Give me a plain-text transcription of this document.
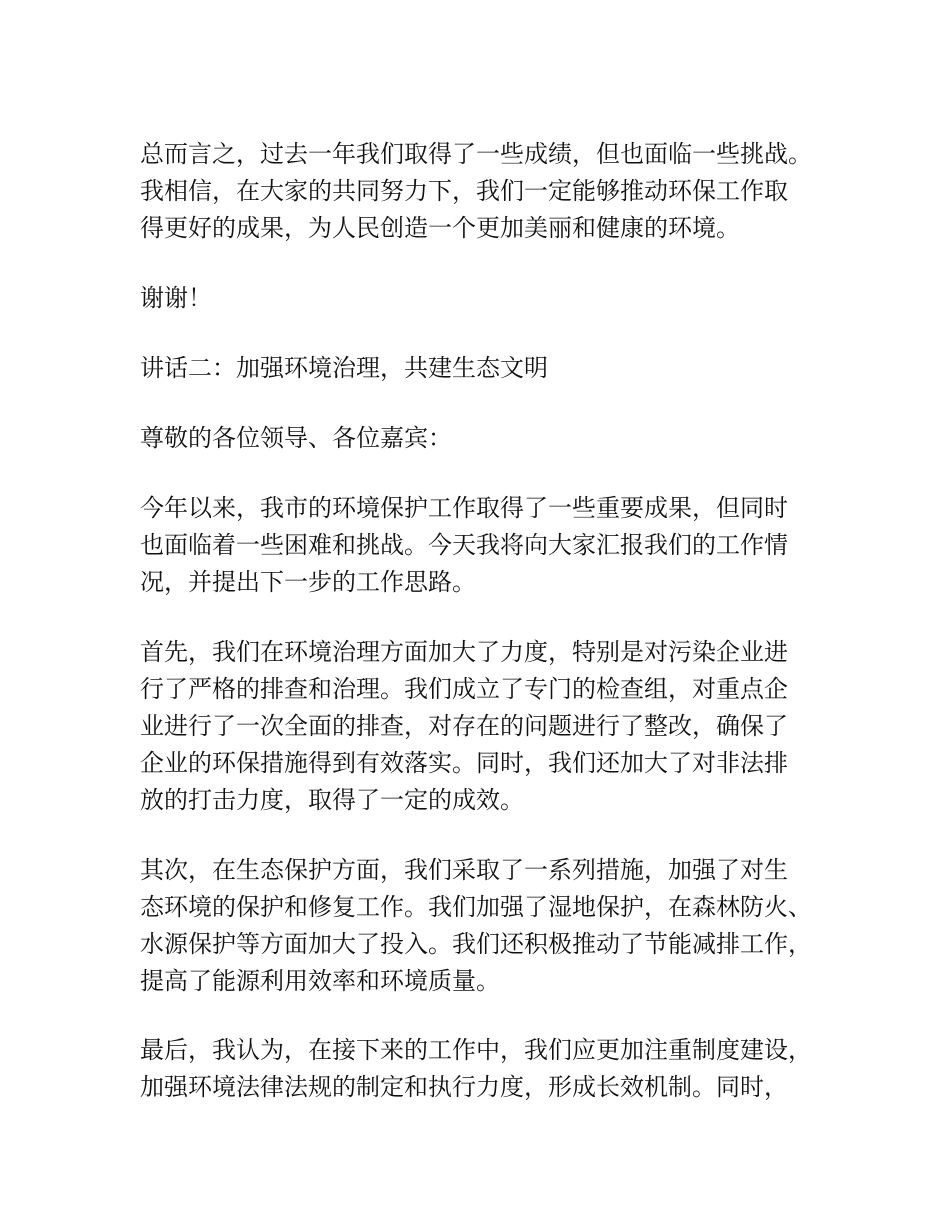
总而言之，过去一年我们取得了一些成绩，但也面临一些挑战。
我相信，在大家的共同努力下，我们一定能够推动环保工作取
得更好的成果，为人民创造一个更加美丽和健康的环境。
谢谢！
讲话二：加强环境治理，共建生态文明
尊敬的各位领导、各位嘉宾：
今年以来，我市的环境保护工作取得了一些重要成果，但同时
也面临着一些困难和挑战。今天我将向大家汇报我们的工作情
况，并提出下一步的工作思路。
首先，我们在环境治理方面加大了力度，特别是对污染企业进
行了严格的排查和治理。我们成立了专门的检查组，对重点企
业进行了一次全面的排查，对存在的问题进行了整改，确保了
企业的环保措施得到有效落实。同时，我们还加大了对非法排
放的打击力度，取得了一定的成效。
其次，在生态保护方面，我们采取了一系列措施，加强了对生
态环境的保护和修复工作。我们加强了湿地保护，在森林防火、
水源保护等方面加大了投入。我们还积极推动了节能减排工作，
提高了能源利用效率和环境质量。
最后，我认为，在接下来的工作中，我们应更加注重制度建设，
加强环境法律法规的制定和执行力度，形成长效机制。同时，
